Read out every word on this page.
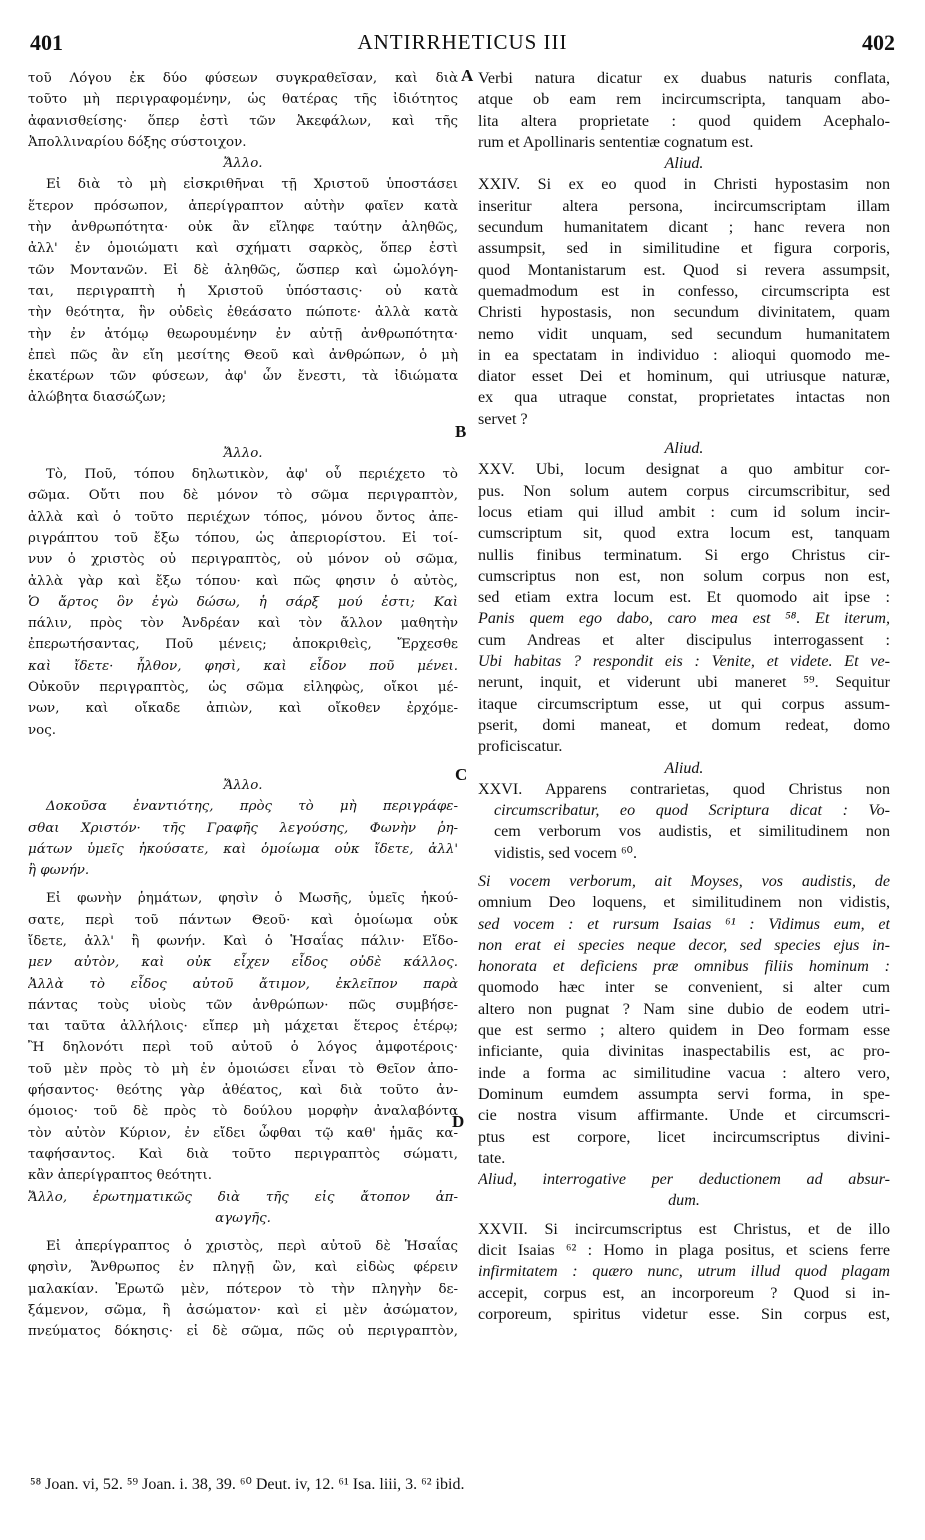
401	ANTIRRHETICUS III	402
τοῦ Λόγου ἐκ δύο φύσεων συγκραθεῖσαν, καὶ διὰ
τοῦτο μὴ περιγραφομένην, ὡς θατέρας τῆς ἰδιότητος
ἀφανισθείσης· ὅπερ ἐστὶ τῶν Ἀκεφάλων, καὶ τῆς
Ἀπολλιναρίου δόξης σύστοιχον.
Ἄλλο.
Εἰ διὰ τὸ μὴ εἰσκριθῆναι τῇ Χριστοῦ ὑποστάσει
ἕτερον πρόσωπον, ἀπερίγραπτον αὐτὴν φαῖεν κατὰ
τὴν ἀνθρωπότητα· οὐκ ἂν εἴληφε ταύτην ἀληθῶς,
ἀλλ' ἐν ὁμοιώματι καὶ σχήματι σαρκὸς, ὅπερ ἐστὶ
τῶν Μοντανῶν. Εἰ δὲ ἀληθῶς, ὥσπερ καὶ ὡμολόγη-
ται, περιγραπτὴ ἡ Χριστοῦ ὑπόστασις· οὐ κατὰ
τὴν θεότητα, ἣν οὐδεὶς ἐθεάσατο πώποτε· ἀλλὰ κατὰ
τὴν ἐν ἀτόμῳ θεωρουμένην ἐν αὐτῇ ἀνθρωπότητα·
ἐπεὶ πῶς ἂν εἴη μεσίτης Θεοῦ καὶ ἀνθρώπων, ὁ μὴ
ἑκατέρων τῶν φύσεων, ἀφ' ὧν ἔνεστι, τὰ ἰδιώματα
ἀλώβητα διασώζων;
Ἄλλο.
Τὸ, Ποῦ, τόπου δηλωτικὸν, ἀφ' οὗ περιέχετο τὸ
σῶμα. Οὔτι που δὲ μόνον τὸ σῶμα περιγραπτὸν,
ἀλλὰ καὶ ὁ τοῦτο περιέχων τόπος, μόνου ὄντος ἀπε-
ριγράπτου τοῦ ἔξω τόπου, ὡς ἀπεριορίστου. Εἰ τοί-
νυν ὁ χριστὸς οὐ περιγραπτὸς, οὐ μόνον οὐ σῶμα,
ἀλλὰ γὰρ καὶ ἔξω τόπου· καὶ πῶς φησιν ὁ αὐτὸς,
Ὁ ἄρτος ὃν ἐγὼ δώσω, ἡ σάρξ μού ἐστι; Καὶ
πάλιν, πρὸς τὸν Ἀνδρέαν καὶ τὸν ἄλλον μαθητὴν
ἐπερωτήσαντας, Ποῦ μένεις; ἀποκριθεὶς, Ἔρχεσθε
καὶ ἴδετε· ἦλθον, φησὶ, καὶ εἶδον ποῦ μένει.
Οὐκοῦν περιγραπτὸς, ὡς σῶμα εἰληφὼς, οἴκοι μέ-
νων, καὶ οἴκαδε ἀπιὼν, καὶ οἴκοθεν ἐρχόμε-
νος.
Ἄλλο.
Δοκοῦσα ἐναντιότης, πρὸς τὸ μὴ περιγράφε-
σθαι Χριστόν· τῆς Γραφῆς λεγούσης, Φωνὴν ῥη-
μάτων ὑμεῖς ἠκούσατε, καὶ ὁμοίωμα οὐκ ἴδετε, ἀλλ'
ἢ φωνήν.
Εἰ φωνὴν ῥημάτων, φησὶν ὁ Μωσῆς, ὑμεῖς ἠκού-
σατε, περὶ τοῦ πάντων Θεοῦ· καὶ ὁμοίωμα οὐκ
ἴδετε, ἀλλ' ἢ φωνήν. Καὶ ὁ Ἡσαΐας πάλιν· Εἴδο-
μεν αὐτὸν, καὶ οὐκ εἶχεν εἶδος οὐδὲ κάλλος.
Ἀλλὰ τὸ εἶδος αὐτοῦ ἄτιμον, ἐκλεῖπον παρὰ
πάντας τοὺς υἱοὺς τῶν ἀνθρώπων· πῶς συμβήσε-
ται ταῦτα ἀλλήλοις· εἴπερ μὴ μάχεται ἕτερος ἑτέρῳ;
Ἢ δηλονότι περὶ τοῦ αὐτοῦ ὁ λόγος ἀμφοτέροις·
τοῦ μὲν πρὸς τὸ μὴ ἐν ὁμοιώσει εἶναι τὸ Θεῖον ἀπο-
φήσαντος· θεότης γὰρ ἀθέατος, καὶ διὰ τοῦτο ἀν-
όμοιος· τοῦ δὲ πρὸς τὸ δούλου μορφὴν ἀναλαβόντα
τὸν αὐτὸν Κύριον, ἐν εἴδει ὦφθαι τῷ καθ' ἡμᾶς κα-
ταφήσαντος. Καὶ διὰ τοῦτο περιγραπτὸς σώματι,
κἂν ἀπερίγραπτος θεότητι.
Ἄλλο, ἐρωτηματικῶς διὰ τῆς εἰς ἄτοπον ἀπ-
αγωγῆς.
Εἰ ἀπερίγραπτος ὁ χριστὸς, περὶ αὐτοῦ δὲ Ἡσαΐας
φησὶν, Ἄνθρωπος ἐν πληγῇ ὢν, καὶ εἰδὼς φέρειν
μαλακίαν. Ἐρωτῶ μὲν, πότερον τὸ τὴν πληγὴν δε-
ξάμενον, σῶμα, ἢ ἀσώματον· καὶ εἰ μὲν ἀσώματον,
πνεύματος δόκησις· εἰ δὲ σῶμα, πῶς οὐ περιγραπτὸν,
A
B
C
D
Verbi natura dicatur ex duabus naturis conflata,
atque ob eam rem incircumscripta, tanquam abo-
lita altera proprietate : quod quidem Acephalo-
rum et Apollinaris sententiæ cognatum est.
Aliud.
XXIV. Si ex eo quod in Christi hypostasim non
inseritur altera persona, incircumscriptam illam
secundum humanitatem dicant ; hanc revera non
assumpsit, sed in similitudine et figura corporis,
quod Montanistarum est. Quod si revera assumpsit,
quemadmodum est in confesso, circumscripta est
Christi hypostasis, non secundum divinitatem, quam
nemo vidit unquam, sed secundum humanitatem
in ea spectatam in individuo : alioqui quomodo me-
diator esset Dei et hominum, qui utriusque naturæ,
ex qua utraque constat, proprietates intactas non
servet ?
Aliud.
XXV. Ubi, locum designat a quo ambitur cor-
pus. Non solum autem corpus circumscribitur, sed
locus etiam qui illud ambit : cum id solum incir-
cumscriptum sit, quod extra locum est, tanquam
nullis finibus terminatum. Si ergo Christus cir-
cumscriptus non est, non solum corpus non est,
sed etiam extra locum est. Et quomodo ait ipse :
Panis quem ego dabo, caro mea est ⁵⁸. Et iterum,
cum Andreas et alter discipulus interrogassent :
Ubi habitas ? respondit eis : Venite, et videte. Et ve-
nerunt, inquit, et viderunt ubi maneret ⁵⁹. Sequitur
itaque circumscriptum esse, ut qui corpus assum-
pserit, domi maneat, et domum redeat, domo
proficiscatur.
Aliud.
XXVI. Apparens contrarietas, quod Christus non
circumscribatur, eo quod Scriptura dicat : Vo-
cem verborum vos audistis, et similitudinem non
vidistis, sed vocem ⁶⁰.
Si vocem verborum, ait Moyses, vos audistis, de
omnium Deo loquens, et similitudinem non vidistis,
sed vocem : et rursum Isaias ⁶¹ : Vidimus eum, et
non erat ei species neque decor, sed species ejus in-
honorata et deficiens præ omnibus filiis hominum :
quomodo hæc inter se convenient, si alter cum
altero non pugnat ? Nam sine dubio de eodem utri-
que est sermo ; altero quidem in Deo formam esse
inficiante, quia divinitas inaspectabilis est, ac pro-
inde a forma ac similitudine vacua : altero vero,
Dominum eumdem assumpta servi forma, in spe-
cie nostra visum affirmante. Unde et circumscri-
ptus est corpore, licet incircumscriptus divini-
tate.
Aliud, interrogative per deductionem ad absur-
dum.
XXVII. Si incircumscriptus est Christus, et de illo
dicit Isaias ⁶² : Homo in plaga positus, et sciens ferre
infirmitatem : quæro nunc, utrum illud quod plagam
accepit, corpus est, an incorporeum ? Quod si in-
corporeum, spiritus videtur esse. Sin corpus est,
⁵⁸ Joan. vi, 52. ⁵⁹ Joan. i. 38, 39. ⁶⁰ Deut. iv, 12. ⁶¹ Isa. liii, 3. ⁶² ibid.
